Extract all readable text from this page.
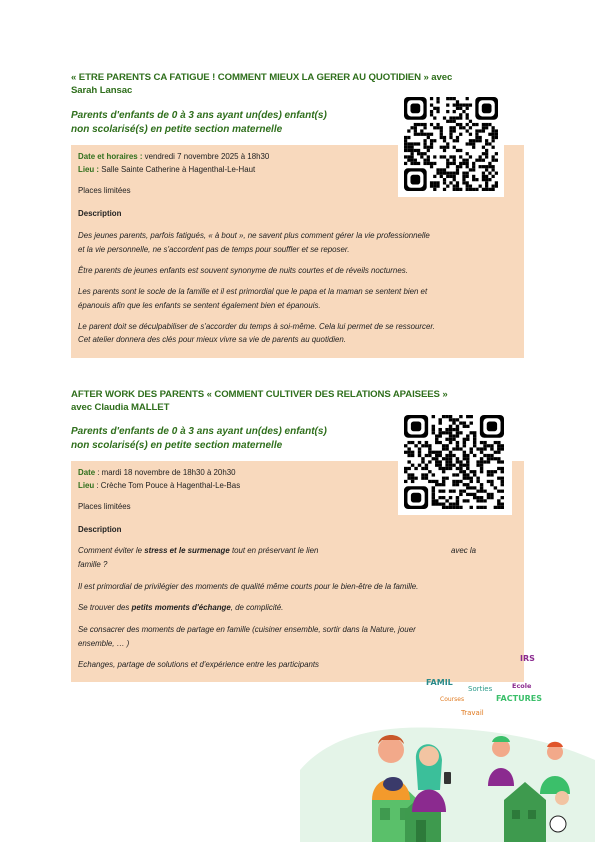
« ETRE PARENTS CA FATIGUE ! COMMENT MIEUX LA GERER AU QUOTIDIEN » avec
Sarah Lansac
Parents d'enfants de 0 à 3 ans ayant un(des) enfant(s)
non scolarisé(s) en petite section maternelle

Date et horaires : vendredi 7 novembre 2025 à 18h30

Lieu : Salle Sainte Catherine à Hagenthal-Le-Haut

Places limitées

Description

Des jeunes parents, parfois fatigués, « à bout », ne savent plus comment gérer la vie professionnelle

et la vie personnelle, ne s'accordent pas de temps pour souffler et se reposer.

Être parents de jeunes enfants est souvent synonyme de nuits courtes et de réveils nocturnes.

Les parents sont le socle de la famille et il est primordial que le papa et la maman se sentent bien et

épanouis afin que les enfants se sentent également bien et épanouis.

Le parent doit se déculpabiliser de s'accorder du temps à soi-même. Cela lui permet de se ressourcer.

Cet atelier donnera des clés pour mieux vivre sa vie de parents au quotidien.

AFTER WORK DES PARENTS « COMMENT CULTIVER DES RELATIONS APAISEES »
avec Claudia MALLET
Parents d'enfants de 0 à 3 ans ayant un(des) enfant(s)
non scolarisé(s) en petite section maternelle

Date : mardi 18 novembre de 18h30 à 20h30

Lieu : Crèche Tom Pouce à Hagenthal-Le-Bas

Places limitées

Description

Comment éviter le stress et le surmenage tout en préservant le lien	avec la

famille ?

Il est primordial de privilégier des moments de qualité même courts pour le bien-être de la famille.

Se trouver des petits moments d'échange, de complicité.

Se consacrer des moments de partage en famille (cuisiner ensemble, sortir dans la Nature, jouer

ensemble, … )

Echanges, partage de solutions et d'expérience entre les participants

IRS
FAMIL
Sorties	Ecole
Courses	FACTURES
Travail
